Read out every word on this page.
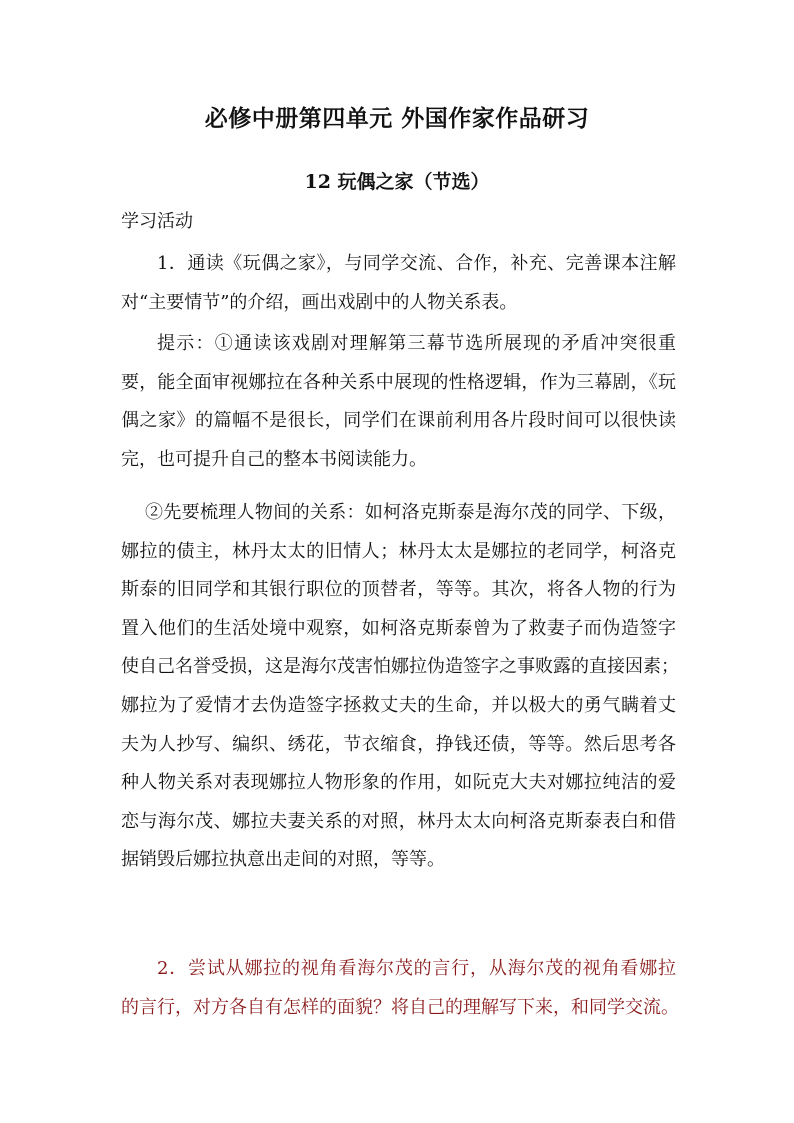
必修中册第四单元 外国作家作品研习
12 玩偶之家（节选）
学习活动
1．通读《玩偶之家》，与同学交流、合作，补充、完善课本注解
对“主要情节”的介绍，画出戏剧中的人物关系表。
提示：①通读该戏剧对理解第三幕节选所展现的矛盾冲突很重
要，能全面审视娜拉在各种关系中展现的性格逻辑，作为三幕剧，《玩
偶之家》的篇幅不是很长，同学们在课前利用各片段时间可以很快读
完，也可提升自己的整本书阅读能力。
②先要梳理人物间的关系：如柯洛克斯泰是海尔茂的同学、下级，
娜拉的债主，林丹太太的旧情人；林丹太太是娜拉的老同学，柯洛克
斯泰的旧同学和其银行职位的顶替者，等等。其次，将各人物的行为
置入他们的生活处境中观察，如柯洛克斯泰曾为了救妻子而伪造签字
使自己名誉受损，这是海尔茂害怕娜拉伪造签字之事败露的直接因素；
娜拉为了爱情才去伪造签字拯救丈夫的生命，并以极大的勇气瞒着丈
夫为人抄写、编织、绣花，节衣缩食，挣钱还债，等等。然后思考各
种人物关系对表现娜拉人物形象的作用，如阮克大夫对娜拉纯洁的爱
恋与海尔茂、娜拉夫妻关系的对照，林丹太太向柯洛克斯泰表白和借
据销毁后娜拉执意出走间的对照，等等。
2．尝试从娜拉的视角看海尔茂的言行，从海尔茂的视角看娜拉
的言行，对方各自有怎样的面貌？将自己的理解写下来，和同学交流。
